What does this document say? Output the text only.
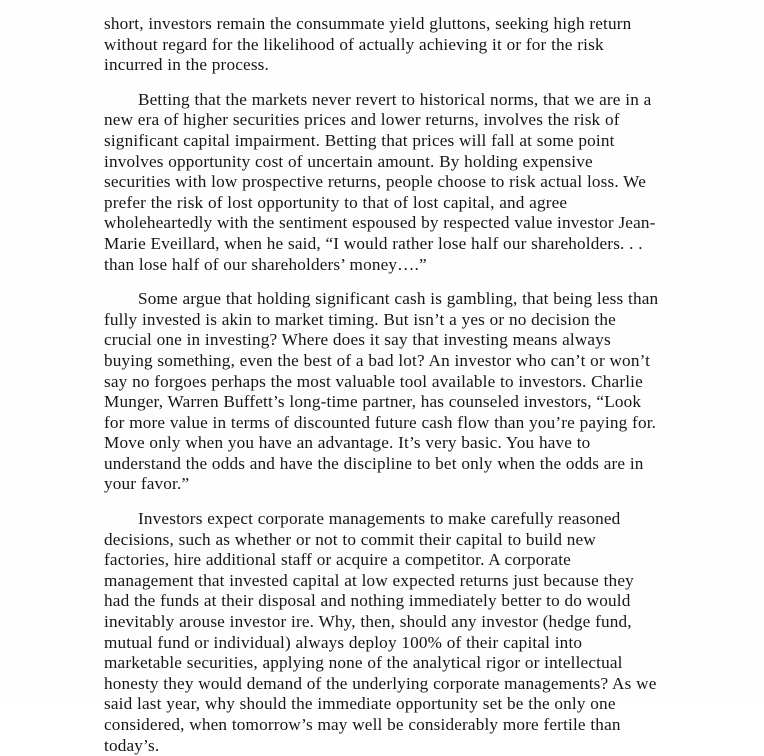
short, investors remain the consummate yield gluttons, seeking high return without regard for the likelihood of actually achieving it or for the risk incurred in the process.

Betting that the markets never revert to historical norms, that we are in a new era of higher securities prices and lower returns, involves the risk of significant capital impairment. Betting that prices will fall at some point involves opportunity cost of uncertain amount. By holding expensive securities with low prospective returns, people choose to risk actual loss. We prefer the risk of lost opportunity to that of lost capital, and agree wholeheartedly with the sentiment espoused by respected value investor Jean-Marie Eveillard, when he said, “I would rather lose half our shareholders. . . than lose half of our shareholders’ money….”

Some argue that holding significant cash is gambling, that being less than fully invested is akin to market timing. But isn’t a yes or no decision the crucial one in investing? Where does it say that investing means always buying something, even the best of a bad lot? An investor who can’t or won’t say no forgoes perhaps the most valuable tool available to investors. Charlie Munger, Warren Buffett’s long-time partner, has counseled investors, “Look for more value in terms of discounted future cash flow than you’re paying for. Move only when you have an advantage. It’s very basic. You have to understand the odds and have the discipline to bet only when the odds are in your favor.”

Investors expect corporate managements to make carefully reasoned decisions, such as whether or not to commit their capital to build new factories, hire additional staff or acquire a competitor. A corporate management that invested capital at low expected returns just because they had the funds at their disposal and nothing immediately better to do would inevitably arouse investor ire. Why, then, should any investor (hedge fund, mutual fund or individual) always deploy 100% of their capital into marketable securities, applying none of the analytical rigor or intellectual honesty they would demand of the underlying corporate managements? As we said last year, why should the immediate opportunity set be the only one considered, when tomorrow’s may well be considerably more fertile than today’s.
